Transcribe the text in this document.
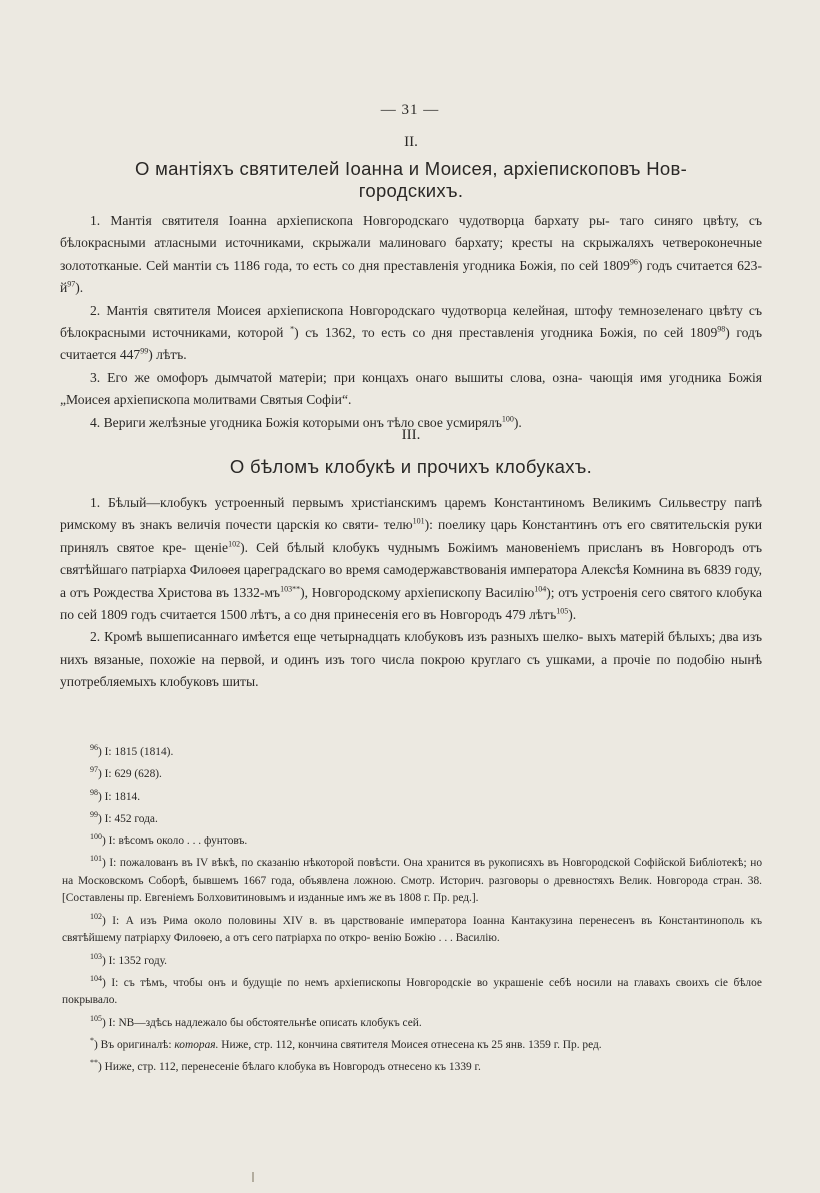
— 31 —
II.
О мантіяхъ святителей Іоанна и Моисея, архіепископовъ Нов-
городскихъ.

1. Мантія святителя Іоанна архіепископа Новгородскаго чудотворца бархату ры- таго синяго цвѣту, съ бѣлокрасными атласными источниками, скрыжали малиноваго бархату; кресты на скрыжаляхъ четвероконечные золототканые. Сей мантіи съ 1186 года, то есть со дня преставленія угодника Божія, по сей 1809$^{96}$) годъ считается $623-й^{97}$).

2. Мантія святителя Моисея архіепископа Новгородскаго чудотворца келейная, штофу темнозеленаго цвѣту съ бѣлокрасными источниками, которой *) съ 1362, то есть со дня преставленія угодника Божія, по сей 1809$^{98}$) годъ считается $447^{99}$) лѣтъ.

3. Его же омофоръ дымчатой матеріи; при концахъ онаго вышиты слова, озна- чающія имя угодника Божія „Моисея архіепископа молитвами Святыя Софіи“.

4. Вериги желѣзные угодника Божія которыми онъ тѣло свое усмирялъ$^{100}$).

III.
О бѣломъ клобукѣ и прочихъ клобукахъ.

1. Бѣлый—клобукъ устроенный первымъ христіанскимъ царемъ Константиномъ Великимъ Сильвестру папѣ римскому въ знакъ величія почести царскія ко святи- телю$^{101}$): поелику царь Константинъ отъ его святительскія руки принялъ святое кре- щеніе$^{102}$). Сей бѣлый клобукъ чуднымъ Божіимъ мановеніемъ присланъ въ Новгородъ отъ святѣйшаго патріарха Филоѳея цареградскаго во время самодержавствованія императора Алексѣя Комнина въ 6839 году, а отъ Рождества Христова въ $1332-мъ^{103**}$), Новгородскому архіепископу Василію$^{104}$); отъ устроенія сего святого клобука по сей 1809 годъ считается 1500 лѣтъ, а со дня принесенія его въ Новгородъ 479 лѣтъ$^{105}$).

2. Кромѣ вышеписаннаго имѣется еще четырнадцать клобуковъ изъ разныхъ шелко- выхъ матерій бѣлыхъ; два изъ нихъ вязаные, похожіе на первой, и одинъ изъ того числа покрою круглаго съ ушками, а прочіе по подобію нынѣ употребляемыхъ клобуковъ шиты.

$^{96}$) I: 1815 (1814).

$^{97}$) I: 629 (628).

$^{98}$) I: 1814.

$^{99}$) I: 452 года.

$^{100}$) I: вѣсомъ около . . . фунтовъ.

$^{101}$) I: пожалованъ въ IV вѣкѣ, по сказанію нѣкоторой повѣсти. Она хранится въ рукописяхъ въ Новгородской Софійской Библіотекѣ; но на Московскомъ Соборѣ, бывшемъ 1667 года, объявлена ложною. Смотр. Историч. разговоры о древностяхъ Велик. Новгорода стран. 38. [Составлены пр. Евгеніемъ Болховитиновымъ и изданные имъ же въ 1808 г. Пр. ред.].

$^{102}$) I: А изъ Рима около половины XIV в. въ царствованіе императора Іоанна Кантакузина перенесенъ въ Константинополь къ святѣйшему патріарху Филоѳею, а отъ сего патріарха по откро- венію Божію . . . Василію.

$^{103}$) I: 1352 году.

$^{104}$) I: съ тѣмъ, чтобы онъ и будущіе по немъ архіепископы Новгородскіе во украшеніе себѣ носили на главахъ своихъ сіе бѣлое покрывало.

$^{105}$) I: NB—здѣсь надлежало бы обстоятельнѣе описать клобукъ сей.

*) Въ оригиналѣ: которая. Ниже, стр. 112, кончина святителя Моисея отнесена къ 25 янв. 1359 г. Пр. ред.

**) Ниже, стр. 112, перенесеніе бѣлаго клобука въ Новгородъ отнесено къ 1339 г.
